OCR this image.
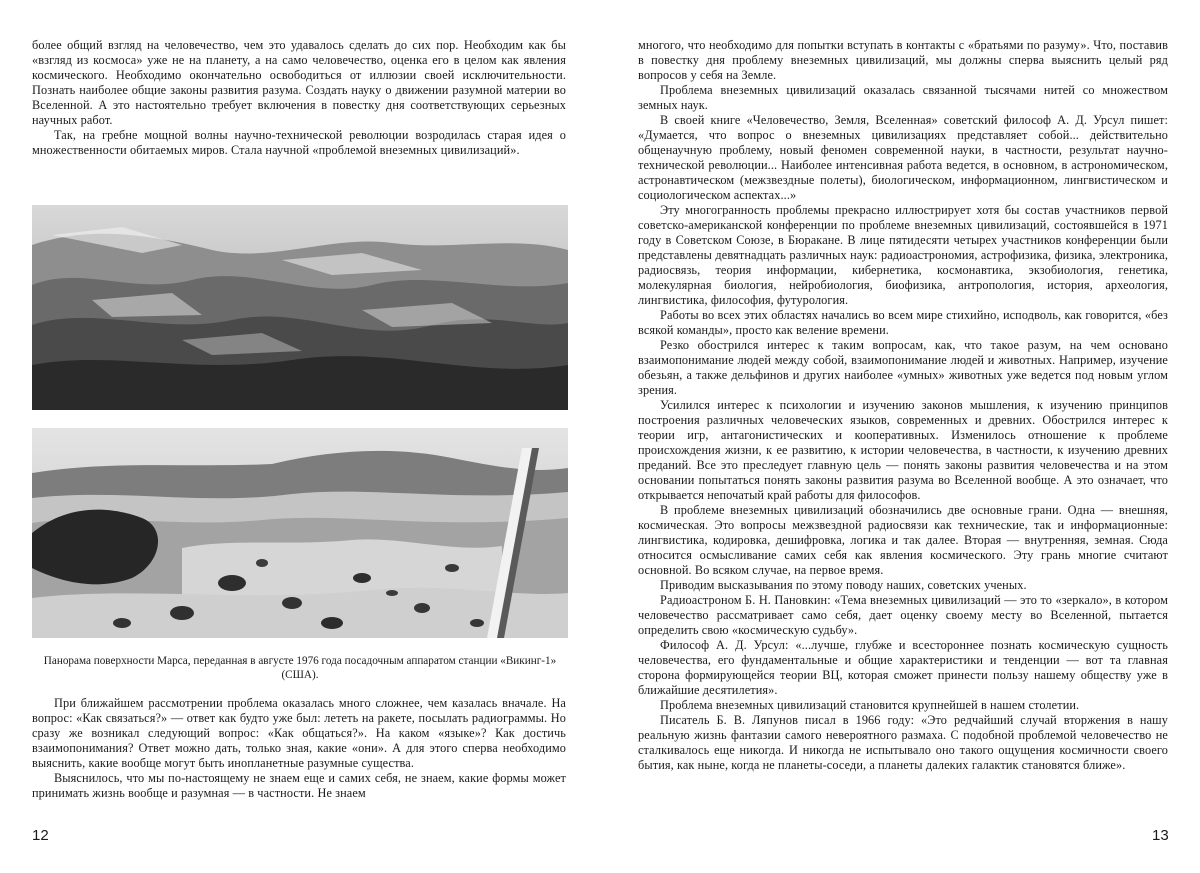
более общий взгляд на человечество, чем это удавалось сделать до сих пор. Необходим как бы «взгляд из космоса» уже не на планету, а на само человечество, оценка его в целом как явления космического. Необходимо окончательно освободиться от иллюзии своей исключительности. Познать наиболее общие законы развития разума. Создать науку о движении разумной материи во Вселенной. А это настоятельно требует включения в повестку дня соответствующих серьезных научных работ.

Так, на гребне мощной волны научно-технической революции возродилась старая идея о множественности обитаемых миров. Стала научной «проблемой внеземных цивилизаций».

Панорама поверхности Марса, переданная в августе 1976 года посадочным аппаратом станции «Викинг-1» (США).

При ближайшем рассмотрении проблема оказалась много сложнее, чем казалась вначале. На вопрос: «Как связаться?» — ответ как будто уже был: лететь на ракете, посылать радиограммы. Но сразу же возникал следующий вопрос: «Как общаться?». На каком «языке»? Как достичь взаимопонимания? Ответ можно дать, только зная, какие «они». А для этого сперва необходимо выяснить, какие вообще могут быть инопланетные разумные существа.

Выяснилось, что мы по-настоящему не знаем еще и самих себя, не знаем, какие формы может принимать жизнь вообще и разумная — в частности. Не знаем

12

многого, что необходимо для попытки вступать в контакты с «братьями по разуму». Что, поставив в повестку дня проблему внеземных цивилизаций, мы должны сперва выяснить целый ряд вопросов у себя на Земле.

Проблема внеземных цивилизаций оказалась связанной тысячами нитей со множеством земных наук.

В своей книге «Человечество, Земля, Вселенная» советский философ А. Д. Урсул пишет: «Думается, что вопрос о внеземных цивилизациях представляет собой... действительно общенаучную проблему, новый феномен современной науки, в частности, результат научно-технической революции... Наиболее интенсивная работа ведется, в основном, в астрономическом, астронавтическом (межзвездные полеты), биологическом, информационном, лингвистическом и социологическом аспектах...»

Эту многогранность проблемы прекрасно иллюстрирует хотя бы состав участников первой советско-американской конференции по проблеме внеземных цивилизаций, состоявшейся в 1971 году в Советском Союзе, в Бюракане. В лице пятидесяти четырех участников конференции были представлены девятнадцать различных наук: радиоастрономия, астрофизика, физика, электроника, радиосвязь, теория информации, кибернетика, космонавтика, экзобиология, генетика, молекулярная биология, нейробиология, биофизика, антропология, история, археология, лингвистика, философия, футурология.

Работы во всех этих областях начались во всем мире стихийно, исподволь, как говорится, «без всякой команды», просто как веление времени.

Резко обострился интерес к таким вопросам, как, что такое разум, на чем основано взаимопонимание людей между собой, взаимопонимание людей и животных. Например, изучение обезьян, а также дельфинов и других наиболее «умных» животных уже ведется под новым углом зрения.

Усилился интерес к психологии и изучению законов мышления, к изучению принципов построения различных человеческих языков, современных и древних. Обострился интерес к теории игр, антагонистических и кооперативных. Изменилось отношение к проблеме происхождения жизни, к ее развитию, к истории человечества, в частности, к изучению древних преданий. Все это преследует главную цель — понять законы развития человечества и на этом основании попытаться понять законы развития разума во Вселенной вообще. А это означает, что открывается непочатый край работы для философов.

В проблеме внеземных цивилизаций обозначились две основные грани. Одна — внешняя, космическая. Это вопросы межзвездной радиосвязи как технические, так и информационные: лингвистика, кодировка, дешифровка, логика и так далее. Вторая — внутренняя, земная. Сюда относится осмысливание самих себя как явления космического. Эту грань многие считают основной. Во всяком случае, на первое время.

Приводим высказывания по этому поводу наших, советских ученых.

Радиоастроном Б. Н. Пановкин: «Тема внеземных цивилизаций — это то «зеркало», в котором человечество рассматривает само себя, дает оценку своему месту во Вселенной, пытается определить свою «космическую судьбу».

Философ А. Д. Урсул: «...лучше, глубже и всестороннее познать космическую сущность человечества, его фундаментальные и общие характеристики и тенденции — вот та главная сторона формирующейся теории ВЦ, которая сможет принести пользу нашему обществу уже в ближайшие десятилетия».

Проблема внеземных цивилизаций становится крупнейшей в нашем столетии.

Писатель Б. В. Ляпунов писал в 1966 году: «Это редчайший случай вторжения в нашу реальную жизнь фантазии самого невероятного размаха. С подобной проблемой человечество не сталкивалось еще никогда. И никогда не испытывало оно такого ощущения космичности своего бытия, как ныне, когда не планеты-соседи, а планеты далеких галактик становятся ближе».

13
